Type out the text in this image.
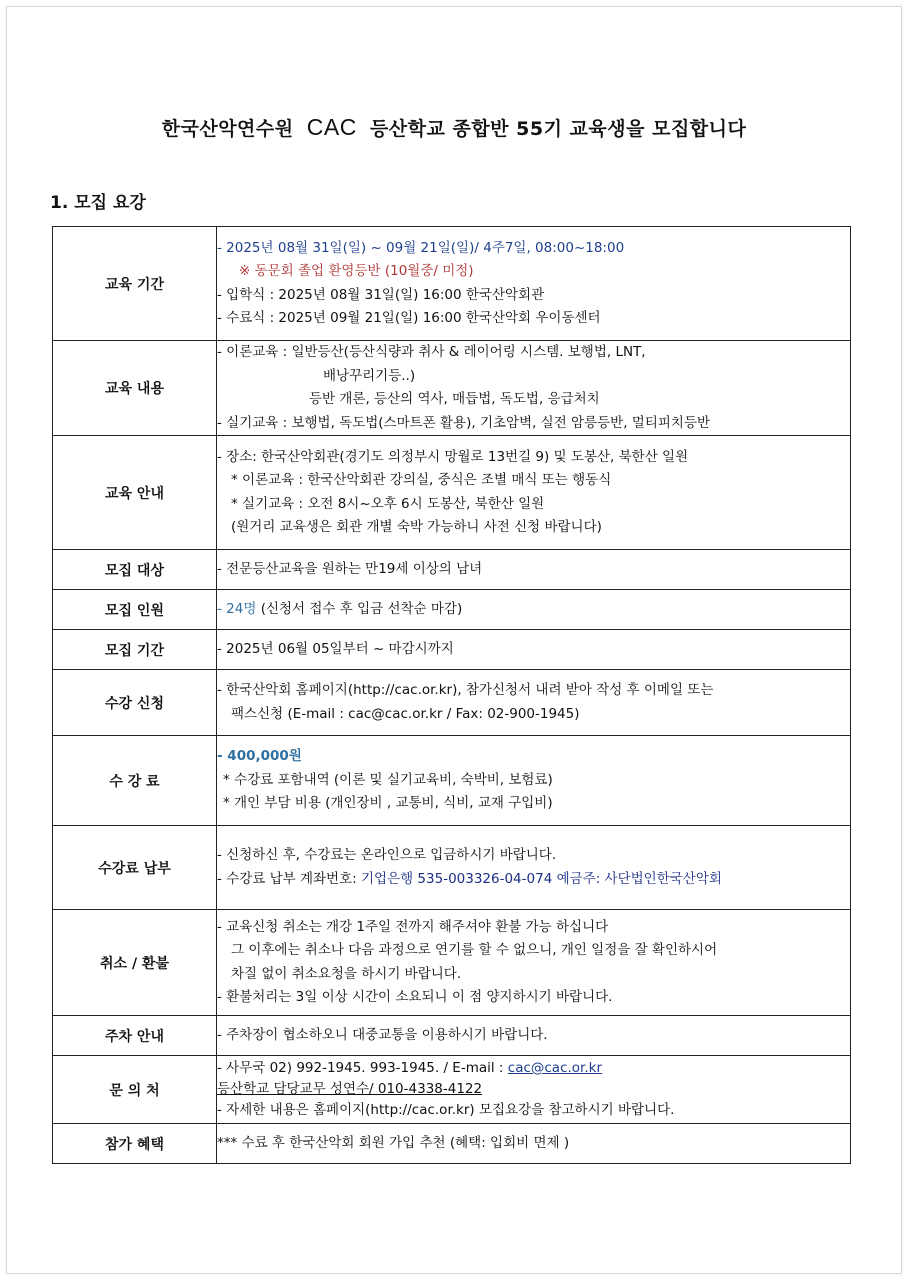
한국산악연수원 CAC 등산학교 종합반 55기 교육생을 모집합니다
1. 모집 요강
교육 기간	- 2025년 08월 31일(일) ~ 09월 21일(일)/ 4주7일, 08:00~18:00
※ 동문회 졸업 환영등반 (10월중/ 미정)
- 입학식 : 2025년 08월 31일(일) 16:00 한국산악회관
- 수료식 : 2025년 09월 21일(일) 16:00 한국산악회 우이동센터

교육 내용	- 이론교육 : 일반등산(등산식량과 취사 & 레이어링 시스템. 보행법, LNT,
배낭꾸리기등..)
등반 개론, 등산의 역사, 매듭법, 독도법, 응급처치
- 실기교육 : 보행법, 독도법(스마트폰 활용), 기초암벽, 실전 암릉등반, 멀티피치등반

교육 안내	- 장소: 한국산악회관(경기도 의정부시 망월로 13번길 9) 및 도봉산, 북한산 일원
* 이론교육 : 한국산악회관 강의실, 중식은 조별 매식 또는 행동식
* 실기교육 : 오전 8시~오후 6시 도봉산, 북한산 일원
(원거리 교육생은 회관 개별 숙박 가능하니 사전 신청 바랍니다)

모집 대상	- 전문등산교육을 원하는 만19세 이상의 남녀

모집 인원	- 24명 (신청서 접수 후 입금 선착순 마감)

모집 기간	- 2025년 06월 05일부터 ~ 마감시까지

수강 신청	- 한국산악회 홈페이지(http://cac.or.kr), 참가신청서 내려 받아 작성 후 이메일 또는
팩스신청 (E-mail : cac@cac.or.kr / Fax: 02-900-1945)

수 강 료	- 400,000원
* 수강료 포함내역 (이론 및 실기교육비, 숙박비, 보험료)
* 개인 부담 비용 (개인장비 , 교통비, 식비, 교재 구입비)

수강료 납부	- 신청하신 후, 수강료는 온라인으로 입금하시기 바랍니다.
- 수강료 납부 계좌번호: 기업은행 535-003326-04-074 예금주: 사단법인한국산악회

취소 / 환불	- 교육신청 취소는 개강 1주일 전까지 해주셔야 환불 가능 하십니다
그 이후에는 취소나 다음 과정으로 연기를 할 수 없으니, 개인 일정을 잘 확인하시어
차질 없이 취소요청을 하시기 바랍니다.
- 환불처리는 3일 이상 시간이 소요되니 이 점 양지하시기 바랍니다.

주차 안내	- 주차장이 협소하오니 대중교통을 이용하시기 바랍니다.

문 의 처	- 사무국 02) 992-1945. 993-1945. / E-mail : cac@cac.or.kr
등산학교 담당교무 성연수/ 010-4338-4122
- 자세한 내용은 홈페이지(http://cac.or.kr) 모집요강을 참고하시기 바랍니다.

참가 혜택	*** 수료 후 한국산악회 회원 가입 추천 (혜택: 입회비 면제 )
